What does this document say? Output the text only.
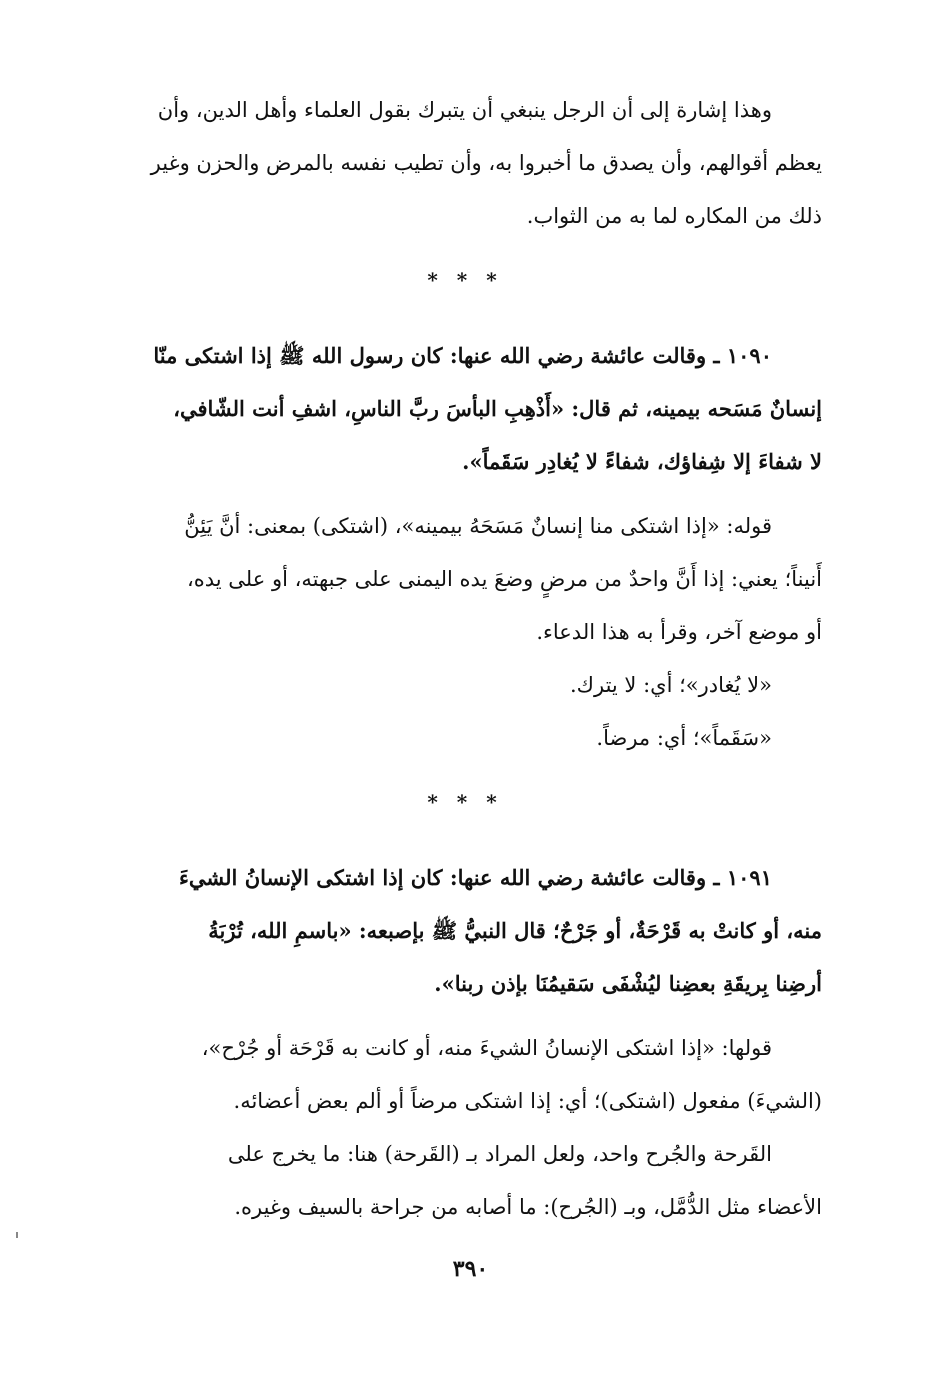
وهذا إشارة إلى أن الرجل ينبغي أن يتبرك بقول العلماء وأهل الدين، وأن
يعظم أقوالهم، وأن يصدق ما أخبروا به، وأن تطيب نفسه بالمرض والحزن وغير
ذلك من المكاره لما به من الثواب.

* * *

١٠٩٠ ـ وقالت عائشة رضي الله عنها: كان رسول الله ﷺ إذا اشتكى منّا
إنسانٌ مَسَحه بيمينه، ثم قال: «أَذْهِبِ البأسَ ربَّ الناسِ، اشفِ أنت الشّافي،
لا شفاءَ إلا شِفاؤك، شفاءً لا يُغادِر سَقَماً».

قوله: «إذا اشتكى منا إنسانٌ مَسَحَهُ بيمينه»، (اشتكى) بمعنى: أنَّ يَئِنُّ
أَنيناً؛ يعني: إذا أَنَّ واحدٌ من مرضٍ وضعَ يده اليمنى على جبهته، أو على يده،
أو موضع آخر، وقرأ به هذا الدعاء.
«لا يُغادر»؛ أي: لا يترك.
«سَقَماً»؛ أي: مرضاً.

* * *

١٠٩١ ـ وقالت عائشة رضي الله عنها: كان إذا اشتكى الإنسانُ الشيءَ
منه، أو كانتْ به قَرْحَةٌ، أو جَرْحٌ؛ قال النبيُّ ﷺ بإصبعه: «باسمِ الله، تُرْبَةُ
أرضِنا بِريقَةِ بعضِنا ليُشْفَى سَقيمُنَا بإذن ربنا».

قولها: «إذا اشتكى الإنسانُ الشيءَ منه، أو كانت به قَرْحَة أو جُرْح»،
(الشيءَ) مفعول (اشتكى)؛ أي: إذا اشتكى مرضاً أو ألم بعض أعضائه.
القَرحة والجُرح واحد، ولعل المراد بـ (القَرحة) هنا: ما يخرج على
الأعضاء مثل الدُّمَّل، وبـ (الجُرح): ما أصابه من جراحة بالسيف وغيره.

٣٩٠
